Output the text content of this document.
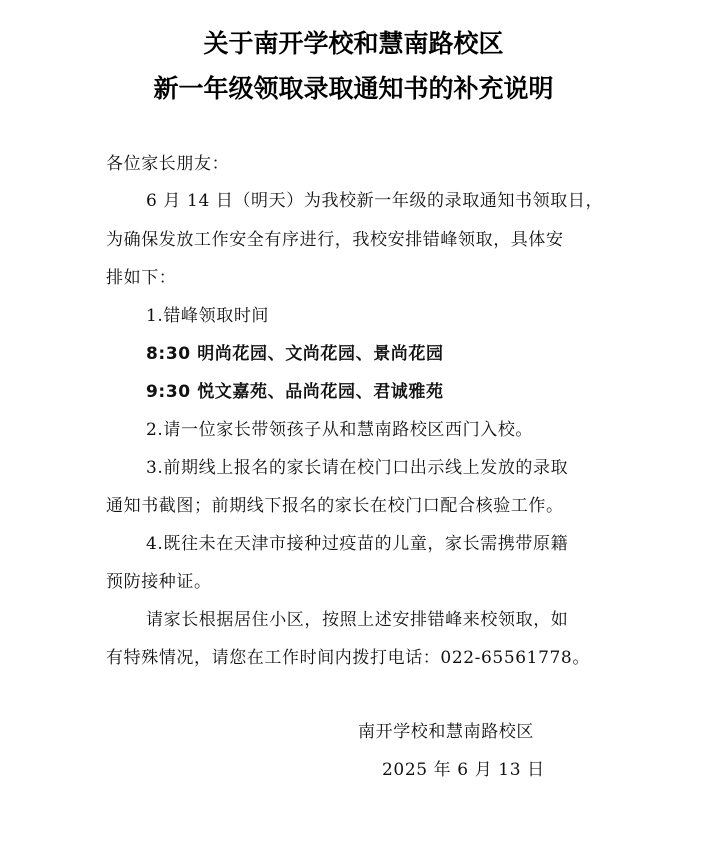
关于南开学校和慧南路校区
新一年级领取录取通知书的补充说明
各位家长朋友：
6 月 14 日（明天）为我校新一年级的录取通知书领取日，
为确保发放工作安全有序进行，我校安排错峰领取，具体安
排如下：
1.错峰领取时间
8:30 明尚花园、文尚花园、景尚花园
9:30 悦文嘉苑、品尚花园、君诚雅苑
2.请一位家长带领孩子从和慧南路校区西门入校。
3.前期线上报名的家长请在校门口出示线上发放的录取
通知书截图；前期线下报名的家长在校门口配合核验工作。
4.既往未在天津市接种过疫苗的儿童，家长需携带原籍
预防接种证。
请家长根据居住小区，按照上述安排错峰来校领取，如
有特殊情况，请您在工作时间内拨打电话：022-65561778。
南开学校和慧南路校区
2025 年 6 月 13 日
